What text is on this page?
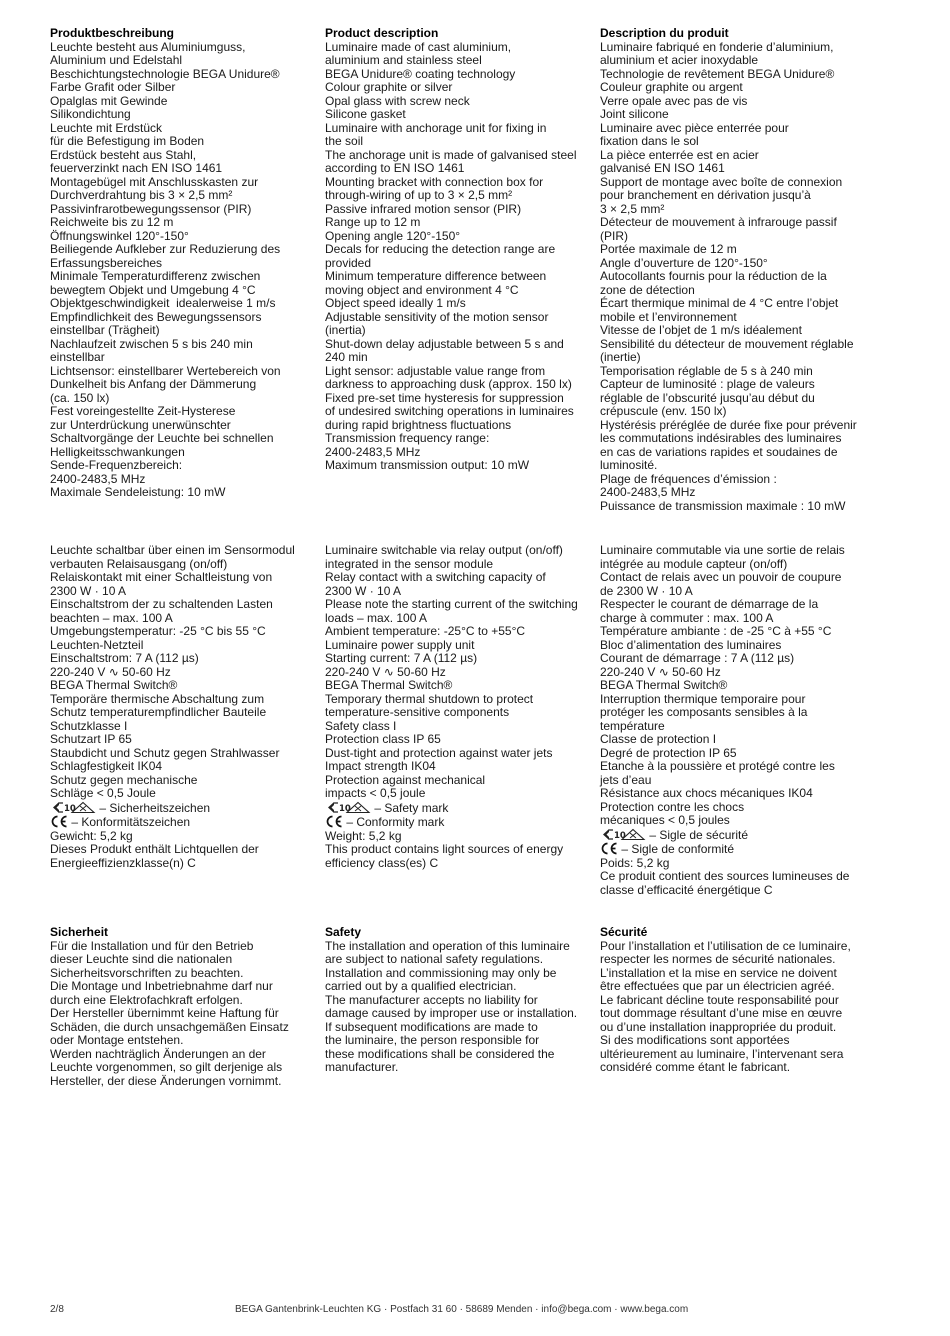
Produktbeschreibung
Leuchte besteht aus Aluminiumguss,
Aluminium und Edelstahl
Beschichtungstechnologie BEGA Unidure®
Farbe Grafit oder Silber
Opalglas mit Gewinde
Silikondichtung
Leuchte mit Erdstück
für die Befestigung im Boden
Erdstück besteht aus Stahl,
feuerverzinkt nach EN ISO 1461
Montagebügel mit Anschlusskasten zur
Durchverdrahtung bis 3 × 2,5 mm²
Passivinfrarotbewegungssensor (PIR)
Reichweite bis zu 12 m
Öffnungswinkel 120°-150°
Beiliegende Aufkleber zur Reduzierung des
Erfassungsbereiches
Minimale Temperaturdifferenz zwischen
bewegtem Objekt und Umgebung 4 °C
Objektgeschwindigkeit  idealerweise 1 m/s
Empfindlichkeit des Bewegungssensors
einstellbar (Trägheit)
Nachlaufzeit zwischen 5 s bis 240 min
einstellbar
Lichtsensor: einstellbarer Wertebereich von
Dunkelheit bis Anfang der Dämmerung
(ca. 150 lx)
Fest voreingestellte Zeit-Hysterese
zur Unterdrückung unerwünschter
Schaltvorgänge der Leuchte bei schnellen
Helligkeitsschwankungen
Sende-Frequenzbereich:
2400-2483,5 MHz
Maximale Sendeleistung: 10 mW
Product description
Luminaire made of cast aluminium,
aluminium and stainless steel
BEGA Unidure® coating technology
Colour graphite or silver
Opal glass with screw neck
Silicone gasket
Luminaire with anchorage unit for fixing in
the soil
The anchorage unit is made of galvanised steel
according to EN ISO 1461
Mounting bracket with connection box for
through-wiring of up to 3 × 2,5 mm²
Passive infrared motion sensor (PIR)
Range up to 12 m
Opening angle 120°-150°
Decals for reducing the detection range are
provided
Minimum temperature difference between
moving object and environment 4 °C
Object speed ideally 1 m/s
Adjustable sensitivity of the motion sensor
(inertia)
Shut-down delay adjustable between 5 s and
240 min
Light sensor: adjustable value range from
darkness to approaching dusk (approx. 150 lx)
Fixed pre-set time hysteresis for suppression
of undesired switching operations in luminaires
during rapid brightness fluctuations
Transmission frequency range:
2400-2483,5 MHz
Maximum transmission output: 10 mW
Description du produit
Luminaire fabriqué en fonderie d’aluminium,
aluminium et acier inoxydable
Technologie de revêtement BEGA Unidure®
Couleur graphite ou argent
Verre opale avec pas de vis
Joint silicone
Luminaire avec pièce enterrée pour
fixation dans le sol
La pièce enterrée est en acier
galvanisé EN ISO 1461
Support de montage avec boîte de connexion
pour branchement en dérivation jusqu’à
3 × 2,5 mm²
Détecteur de mouvement à infrarouge passif
(PIR)
Portée maximale de 12 m
Angle d’ouverture de 120°-150°
Autocollants fournis pour la réduction de la
zone de détection
Écart thermique minimal de 4 °C entre l’objet
mobile et l’environnement
Vitesse de l’objet de 1 m/s idéalement
Sensibilité du détecteur de mouvement réglable
(inertie)
Temporisation réglable de 5 s à 240 min
Capteur de luminosité : plage de valeurs
réglable de l’obscurité jusqu’au début du
crépuscule (env. 150 lx)
Hystérésis préréglée de durée fixe pour prévenir
les commutations indésirables des luminaires
en cas de variations rapides et soudaines de
luminosité.
Plage de fréquences d’émission :
2400-2483,5 MHz
Puissance de transmission maximale : 10 mW
Leuchte schaltbar über einen im Sensormodul
verbauten Relaisausgang (on/off)
Relaiskontakt mit einer Schaltleistung von
2300 W · 10 A
Einschaltstrom der zu schaltenden Lasten
beachten – max. 100 A
Umgebungstemperatur: -25 °C bis 55 °C
Leuchten-Netzteil
Einschaltstrom: 7 A (112 µs)
220-240 V ∿ 50-60 Hz
BEGA Thermal Switch®
Temporäre thermische Abschaltung zum
Schutz temperaturempfindlicher Bauteile
Schutzklasse I
Schutzart IP 65
Staubdicht und Schutz gegen Strahlwasser
Schlagfestigkeit IK04
Schutz gegen mechanische
Schläge < 0,5 Joule
10 – Sicherheitszeichen
– Konformitätszeichen
Gewicht: 5,2 kg
Dieses Produkt enthält Lichtquellen der
Energieeffizienzklasse(n) C
Luminaire switchable via relay output (on/off)
integrated in the sensor module
Relay contact with a switching capacity of
2300 W · 10 A
Please note the starting current of the switching
loads – max. 100 A
Ambient temperature: -25°C to +55°C
Luminaire power supply unit
Starting current: 7 A (112 µs)
220-240 V ∿ 50-60 Hz
BEGA Thermal Switch®
Temporary thermal shutdown to protect
temperature-sensitive components
Safety class I
Protection class IP 65
Dust-tight and protection against water jets
Impact strength IK04
Protection against mechanical
impacts < 0,5 joule
10 – Safety mark
– Conformity mark
Weight: 5,2 kg
This product contains light sources of energy
efficiency class(es) C
Luminaire commutable via une sortie de relais
intégrée au module capteur (on/off)
Contact de relais avec un pouvoir de coupure
de 2300 W · 10 A
Respecter le courant de démarrage de la
charge à commuter : max. 100 A
Température ambiante : de -25 °C à +55 °C
Bloc d’alimentation des luminaires
Courant de démarrage : 7 A (112 µs)
220-240 V ∿ 50-60 Hz
BEGA Thermal Switch®
Interruption thermique temporaire pour
protéger les composants sensibles à la
température
Classe de protection I
Degré de protection IP 65
Etanche à la poussière et protégé contre les
jets d’eau
Résistance aux chocs mécaniques IK04
Protection contre les chocs
mécaniques < 0,5 joules
10 – Sigle de sécurité
– Sigle de conformité
Poids: 5,2 kg
Ce produit contient des sources lumineuses de
classe d’efficacité énergétique C
Sicherheit
Für die Installation und für den Betrieb
dieser Leuchte sind die nationalen
Sicherheitsvorschriften zu beachten.
Die Montage und Inbetriebnahme darf nur
durch eine Elektrofachkraft erfolgen.
Der Hersteller übernimmt keine Haftung für
Schäden, die durch unsachgemäßen Einsatz
oder Montage entstehen.
Werden nachträglich Änderungen an der
Leuchte vorgenommen, so gilt derjenige als
Hersteller, der diese Änderungen vornimmt.
Safety
The installation and operation of this luminaire
are subject to national safety regulations.
Installation and commissioning may only be
carried out by a qualified electrician.
The manufacturer accepts no liability for
damage caused by improper use or installation.
If subsequent modifications are made to
the luminaire, the person responsible for
these modifications shall be considered the
manufacturer.
Sécurité
Pour l’installation et l’utilisation de ce luminaire,
respecter les normes de sécurité nationales.
L’installation et la mise en service ne doivent
être effectuées que par un électricien agréé.
Le fabricant décline toute responsabilité pour
tout dommage résultant d’une mise en œuvre
ou d’une installation inappropriée du produit.
Si des modifications sont apportées
ultérieurement au luminaire, l’intervenant sera
considéré comme étant le fabricant.
2/8	BEGA Gantenbrink-Leuchten KG · Postfach 31 60 · 58689 Menden · info@bega.com · www.bega.com
